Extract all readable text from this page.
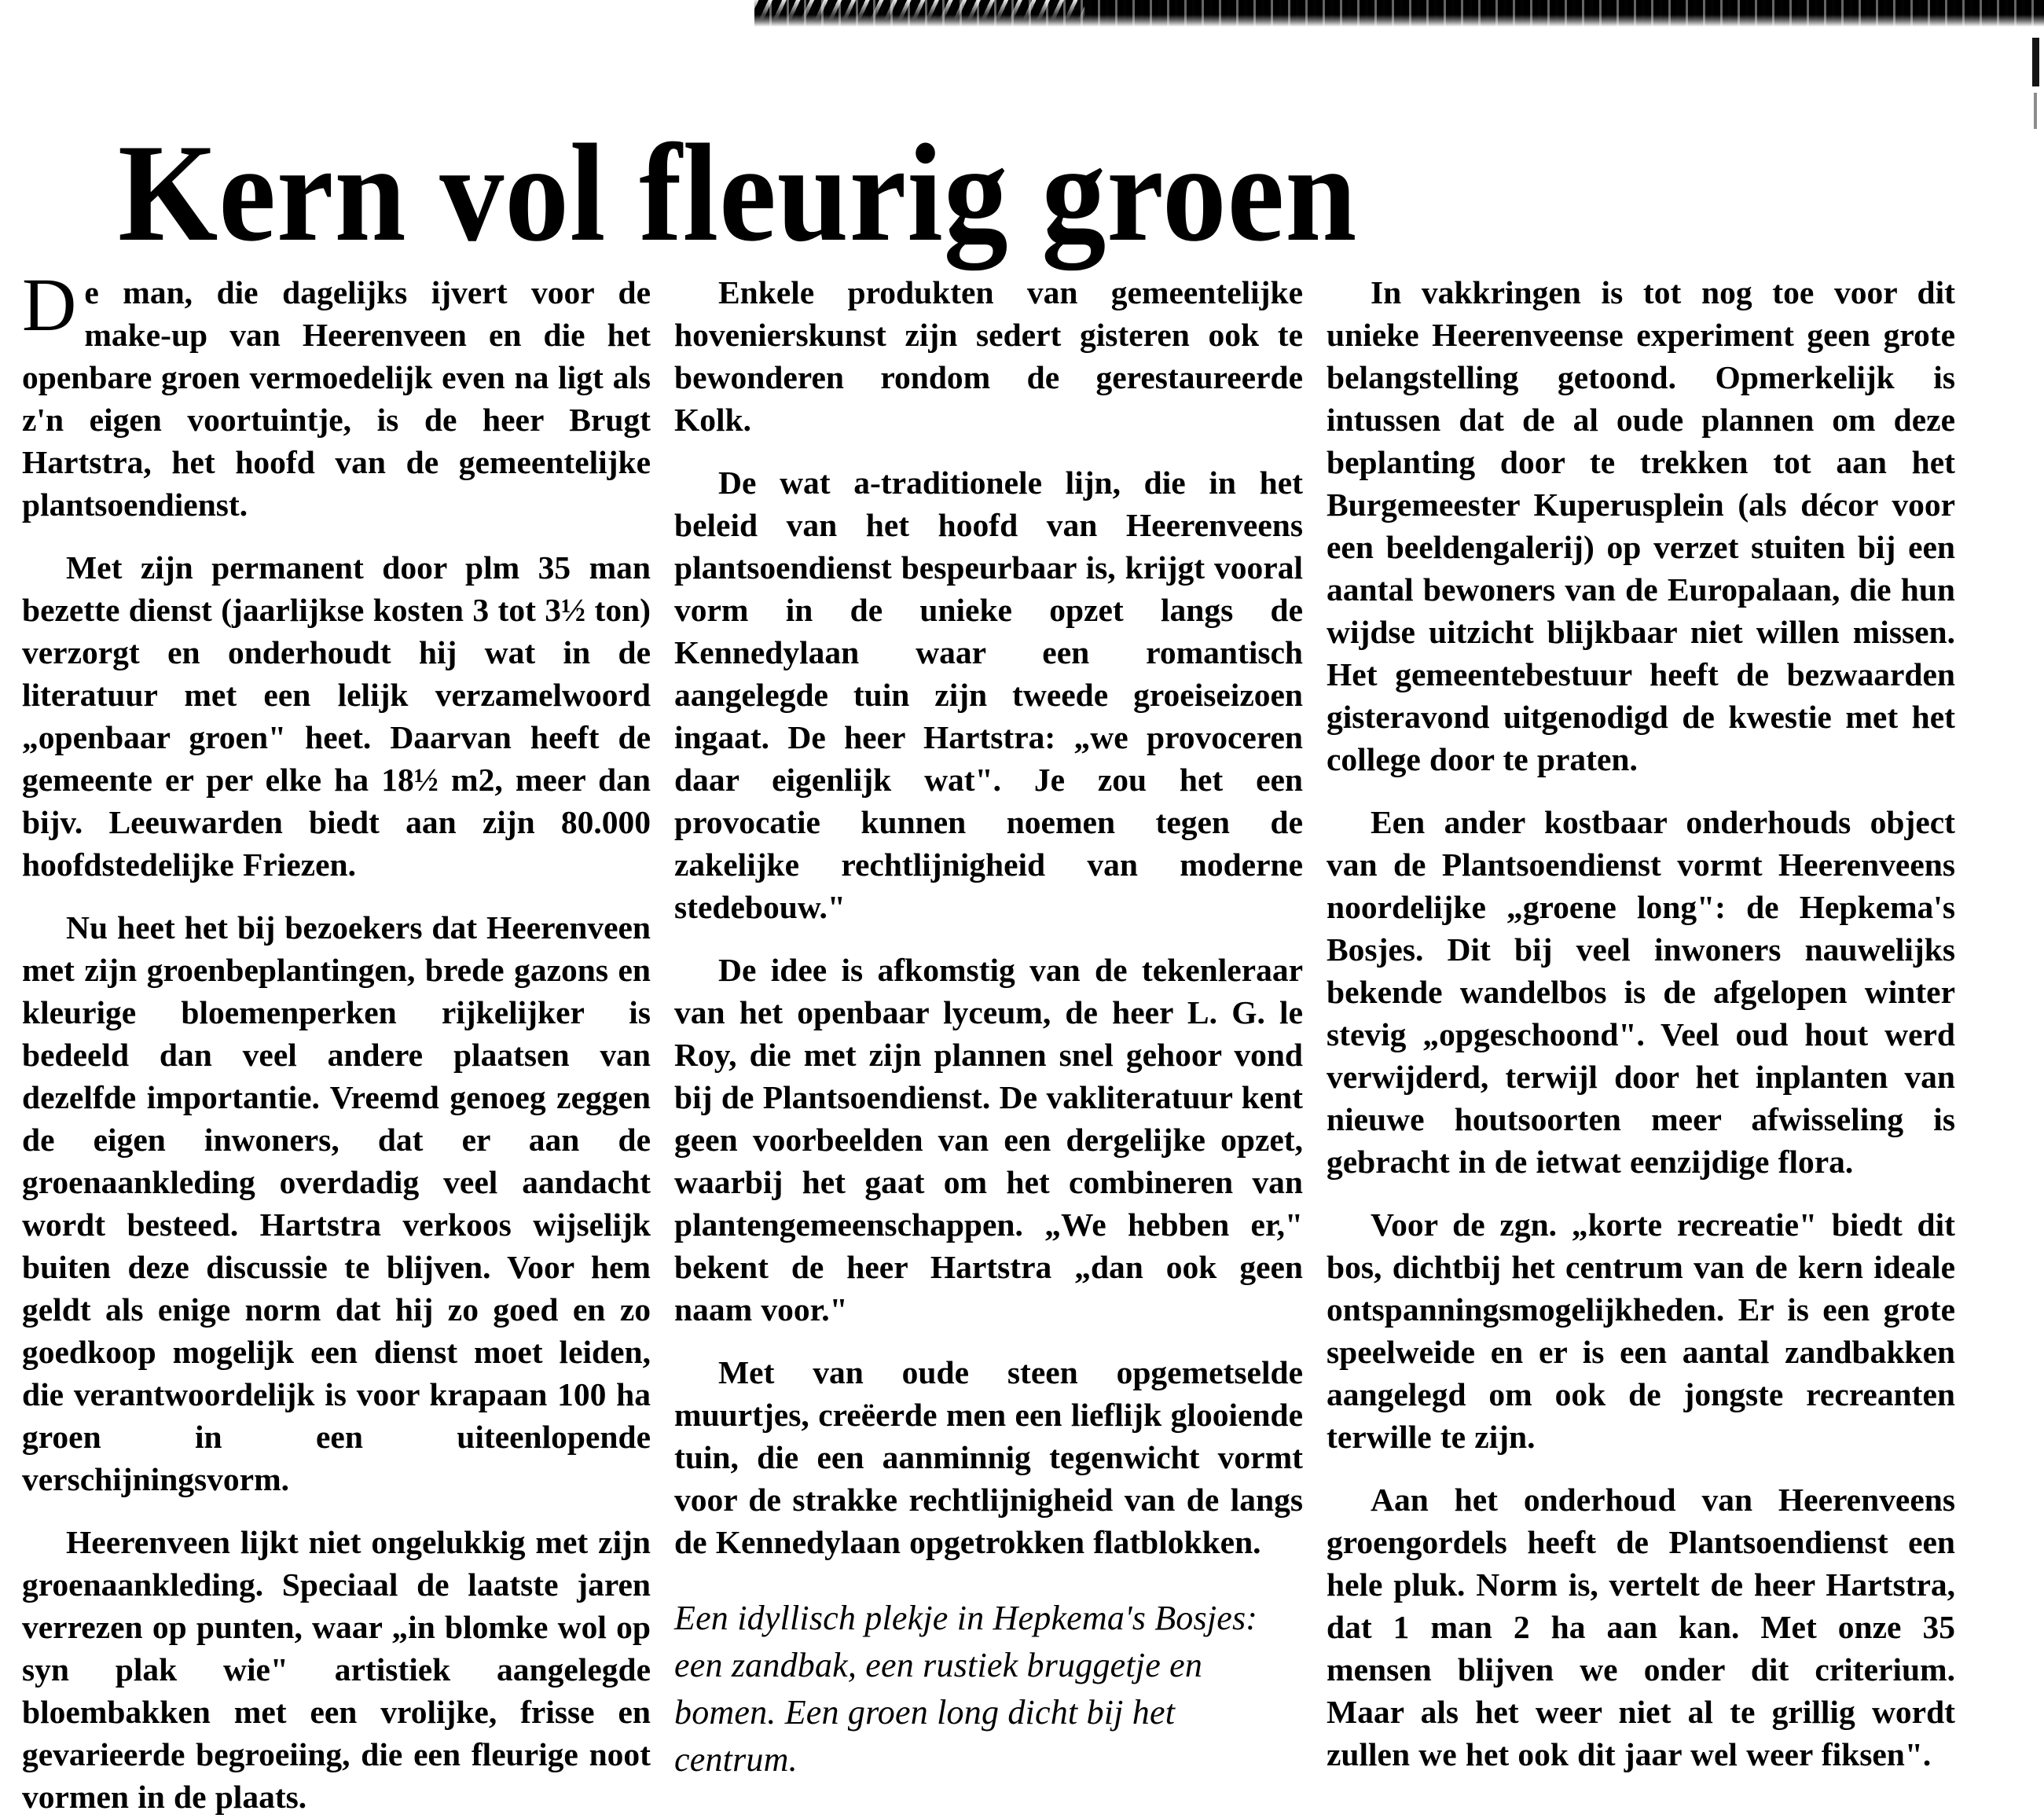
Kern vol fleurig groen

De man, die dagelijks ijvert voor de make-up van Heerenveen en die het openbare groen vermoedelijk even na ligt als z'n eigen voortuintje, is de heer Brugt Hartstra, het hoofd van de gemeentelijke plantsoendienst.

Met zijn permanent door plm 35 man bezette dienst (jaarlijkse kosten 3 tot 3½ ton) verzorgt en onderhoudt hij wat in de literatuur met een lelijk verzamelwoord „openbaar groen" heet. Daarvan heeft de gemeente er per elke ha 18½ m2, meer dan bijv. Leeuwarden biedt aan zijn 80.000 hoofdstedelijke Friezen.

Nu heet het bij bezoekers dat Heerenveen met zijn groenbeplantingen, brede gazons en kleurige bloemenperken rijkelijker is bedeeld dan veel andere plaatsen van dezelfde importantie. Vreemd genoeg zeggen de eigen inwoners, dat er aan de groenaankleding overdadig veel aandacht wordt besteed. Hartstra verkoos wijselijk buiten deze discussie te blijven. Voor hem geldt als enige norm dat hij zo goed en zo goedkoop mogelijk een dienst moet leiden, die verantwoordelijk is voor krapaan 100 ha groen in een uiteenlopende verschijningsvorm.

Heerenveen lijkt niet ongelukkig met zijn groenaankleding. Speciaal de laatste jaren verrezen op punten, waar „in blomke wol op syn plak wie" artistiek aangelegde bloembakken met een vrolijke, frisse en gevarieerde begroeiing, die een fleurige noot vormen in de plaats.

Enkele produkten van gemeentelijke hovenierskunst zijn sedert gisteren ook te bewonderen rondom de gerestaureerde Kolk.

De wat a-traditionele lijn, die in het beleid van het hoofd van Heerenveens plantsoendienst bespeurbaar is, krijgt vooral vorm in de unieke opzet langs de Kennedylaan waar een romantisch aangelegde tuin zijn tweede groeiseizoen ingaat. De heer Hartstra: „we provoceren daar eigenlijk wat". Je zou het een provocatie kunnen noemen tegen de zakelijke rechtlijnigheid van moderne stedebouw."

De idee is afkomstig van de tekenleraar van het openbaar lyceum, de heer L. G. le Roy, die met zijn plannen snel gehoor vond bij de Plantsoendienst. De vakliteratuur kent geen voorbeelden van een dergelijke opzet, waarbij het gaat om het combineren van plantengemeenschappen. „We hebben er," bekent de heer Hartstra „dan ook geen naam voor."

Met van oude steen opgemetselde muurtjes, creëerde men een lieflijk glooiende tuin, die een aanminnig tegenwicht vormt voor de strakke rechtlijnigheid van de langs de Kennedylaan opgetrokken flatblokken.

Een idyllisch plekje in Hepkema's Bosjes: een zandbak, een rustiek bruggetje en bomen. Een groen long dicht bij het centrum.

In vakkringen is tot nog toe voor dit unieke Heerenveense experiment geen grote belangstelling getoond. Opmerkelijk is intussen dat de al oude plannen om deze beplanting door te trekken tot aan het Burgemeester Kuperusplein (als décor voor een beeldengalerij) op verzet stuiten bij een aantal bewoners van de Europalaan, die hun wijdse uitzicht blijkbaar niet willen missen. Het gemeentebestuur heeft de bezwaarden gisteravond uitgenodigd de kwestie met het college door te praten.

Een ander kostbaar onderhouds object van de Plantsoendienst vormt Heerenveens noordelijke „groene long": de Hepkema's Bosjes. Dit bij veel inwoners nauwelijks bekende wandelbos is de afgelopen winter stevig „opgeschoond". Veel oud hout werd verwijderd, terwijl door het inplanten van nieuwe houtsoorten meer afwisseling is gebracht in de ietwat eenzijdige flora.

Voor de zgn. „korte recreatie" biedt dit bos, dichtbij het centrum van de kern ideale ontspanningsmogelijkheden. Er is een grote speelweide en er is een aantal zandbakken aangelegd om ook de jongste recreanten terwille te zijn.

Aan het onderhoud van Heerenveens groengordels heeft de Plantsoendienst een hele pluk. Norm is, vertelt de heer Hartstra, dat 1 man 2 ha aan kan. Met onze 35 mensen blijven we onder dit criterium. Maar als het weer niet al te grillig wordt zullen we het ook dit jaar wel weer fiksen".
